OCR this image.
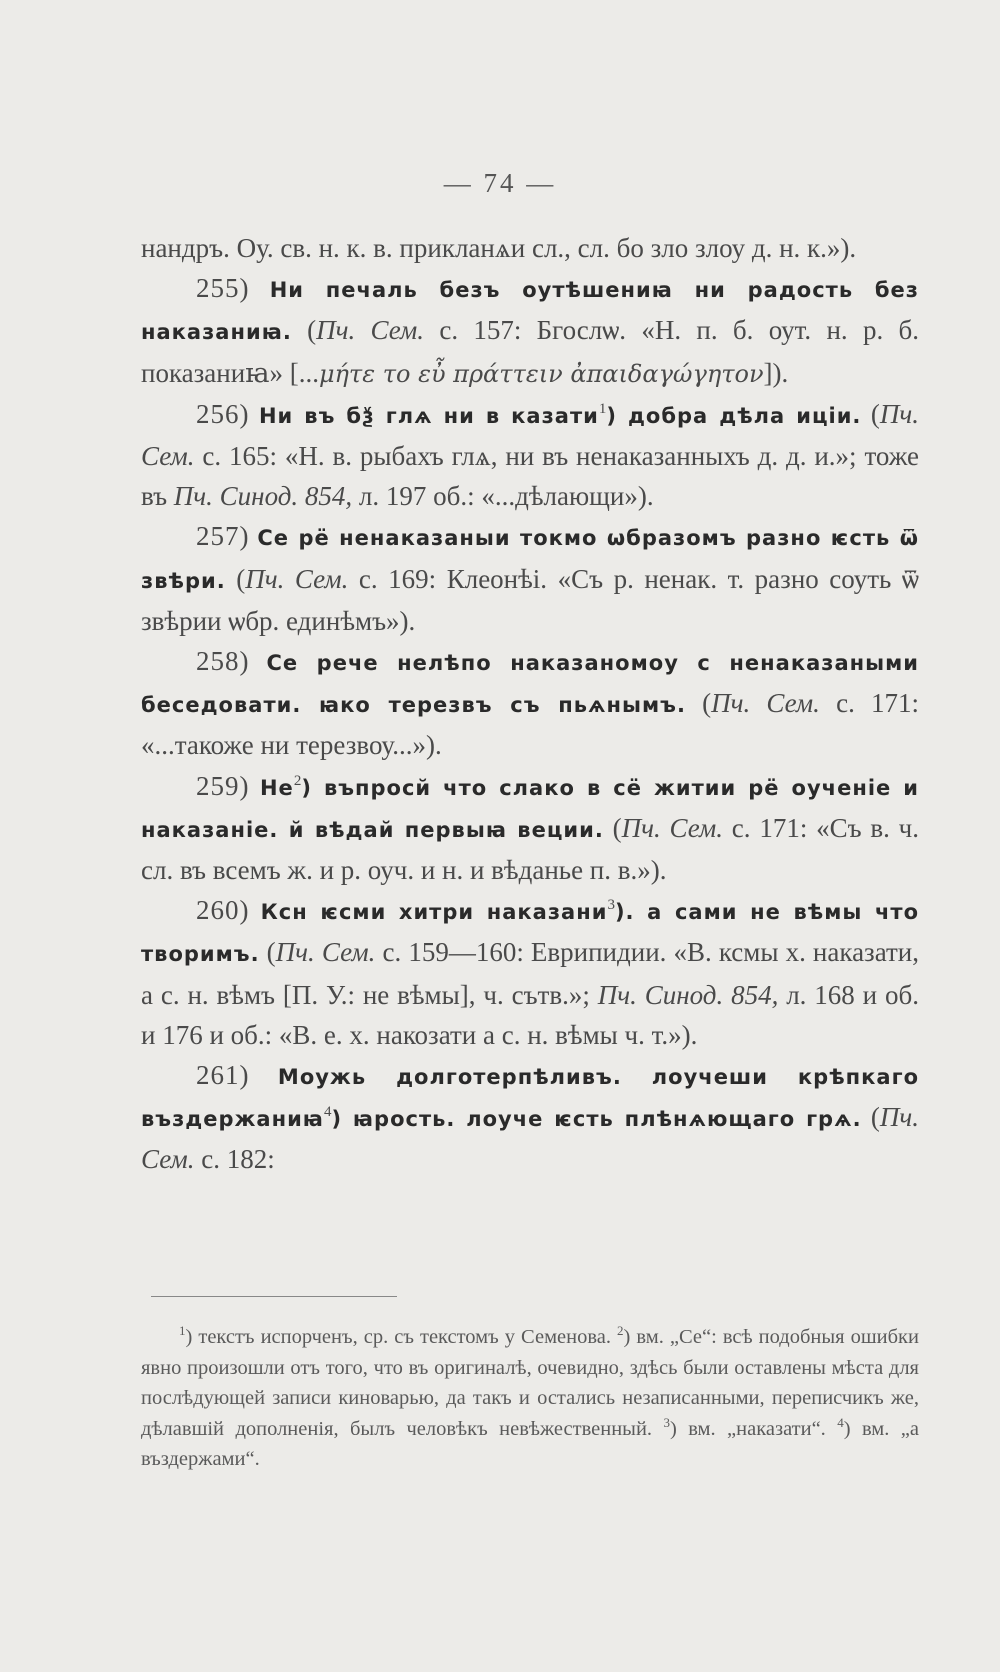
— 74 —

нандръ. Оу. св. н. к. в. прикланѧи сл., сл. бо зло злоу д. н. к.»).

255) Ни печаль безъ оутѣшениꙗ ни радость без наказаниꙗ. (Пч. Сем. с. 157: Бгослѡ. «Н. п. б. оут. н. р. б. показаниꙗ» [...μήτε το εὖ πράττειν ἀπαιδαγώγητον]).

256) Ни въ бѯ глѧ ни в казати$^1$) добра дѣла иціи. (Пч. Сем. с. 165: «Н. в. рыбахъ глѧ, ни въ ненаказанныхъ д. д. и.»; тоже въ Пч. Синод. 854, л. 197 об.: «...дѣлающи»).

257) Се рё ненаказаныи токмо ѡбразомъ разно ѥсть ѿ звѣри. (Пч. Сем. с. 169: Клеонѣі. «Съ р. ненак. т. разно соуть ѿ звѣрии ѡбр. единѣмъ»).

258) Се рече нелѣпо наказаномоу с ненаказаными беседовати. ꙗко терезвъ съ пьѧнымъ. (Пч. Сем. с. 171: «...такоже ни терезвоу...»).

259) $Не^2$) въпросй что слако в сё житии рё оученіе и наказаніе. й вѣдай первыꙗ веции. (Пч. Сем. с. 171: «Съ в. ч. сл. въ всемъ ж. и р. оуч. и н. и вѣданье п. в.»).

260) Ксн ѥсми хитри наказани$^3$). а сами не вѣмы что творимъ. (Пч. Сем. с. 159—160: Еврипидии. «В. ксмы х. наказати, а с. н. вѣмъ [П. У.: не вѣмы], ч. сътв.»; Пч. Синод. 854, л. 168 и об. и 176 и об.: «В. е. х. накозати а с. н. вѣмы ч. т.»).

261) Моужь долготерпѣливъ. лоучеши крѣпкаго въздержаниꙗ$^4$) ꙗрость. лоуче ѥсть плѣнѧющаго грѧ. (Пч. Сем. с. 182:

$^1$) текстъ испорченъ, ср. съ текстомъ у Семенова. $^2$) вм. „Се“: всѣ подобныя ошибки явно произошли отъ того, что въ оригиналѣ, очевидно, здѣсь были оставлены мѣста для послѣдующей записи киноварью, да такъ и остались незаписанными, переписчикъ же, дѣлавшій дополненія, былъ человѣкъ невѣжественный. $^3$) вм. „наказати“. $^4$) вм. „а въздержами“.
